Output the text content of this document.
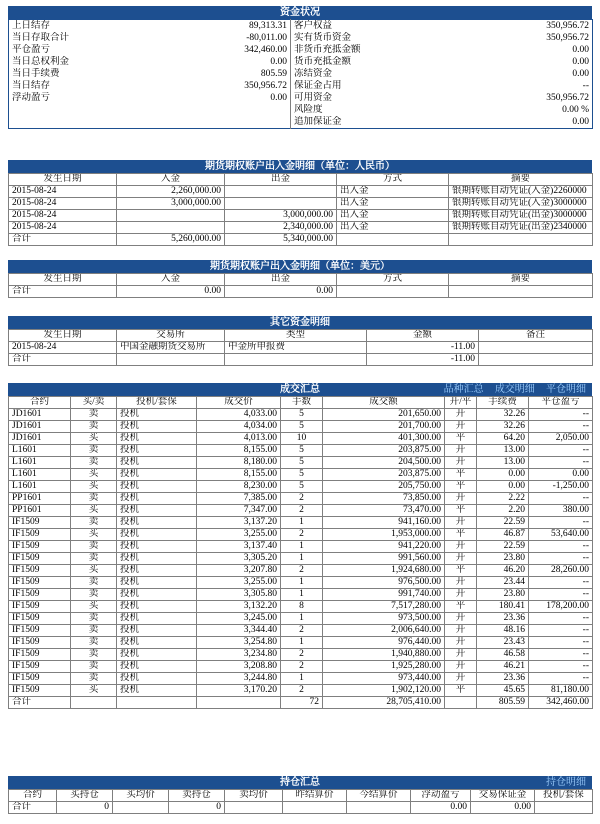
资金状况
上日结存	89,313.31	客户权益	350,956.72
当日存取合计	-80,011.00	实有货币资金	350,956.72
平仓盈亏	342,460.00	非货币充抵金额	0.00
当日总权利金	0.00	货币充抵金额	0.00
当日手续费	805.59	冻结资金	0.00
当日结存	350,956.72	保证金占用	--
浮动盈亏	0.00	可用资金	350,956.72
		风险度	0.00 %
		追加保证金	0.00
期货期权账户出入金明细（单位：人民币）
发生日期	入金	出金	方式	摘要
2015-08-24	2,260,000.00		出入金	银期转账自动凭证(入金)2260000
2015-08-24	3,000,000.00		出入金	银期转账自动凭证(入金)3000000
2015-08-24		3,000,000.00	出入金	银期转账自动凭证(出金)3000000
2015-08-24		2,340,000.00	出入金	银期转账自动凭证(出金)2340000
合计	5,260,000.00	5,340,000.00		
期货期权账户出入金明细（单位：美元）
发生日期	入金	出金	方式	摘要
合计	0.00	0.00		
其它资金明细
发生日期	交易所	类型	金额	备注
2015-08-24	中国金融期货交易所	中金所申报费	-11.00	
合计			-11.00	
成交汇总	品种汇总 成交明细 平仓明细
合约	买/卖	投机/套保	成交价	手数	成交额	开/平	手续费	平仓盈亏
JD1601	卖	投机	4,033.00	5	201,650.00	开	32.26	--
JD1601	卖	投机	4,034.00	5	201,700.00	开	32.26	--
JD1601	买	投机	4,013.00	10	401,300.00	平	64.20	2,050.00
L1601	卖	投机	8,155.00	5	203,875.00	开	13.00	--
L1601	卖	投机	8,180.00	5	204,500.00	开	13.00	--
L1601	买	投机	8,155.00	5	203,875.00	平	0.00	0.00
L1601	买	投机	8,230.00	5	205,750.00	平	0.00	-1,250.00
PP1601	卖	投机	7,385.00	2	73,850.00	开	2.22	--
PP1601	买	投机	7,347.00	2	73,470.00	平	2.20	380.00
IF1509	卖	投机	3,137.20	1	941,160.00	开	22.59	--
IF1509	买	投机	3,255.00	2	1,953,000.00	平	46.87	53,640.00
IF1509	卖	投机	3,137.40	1	941,220.00	开	22.59	--
IF1509	卖	投机	3,305.20	1	991,560.00	开	23.80	--
IF1509	买	投机	3,207.80	2	1,924,680.00	平	46.20	28,260.00
IF1509	卖	投机	3,255.00	1	976,500.00	开	23.44	--
IF1509	卖	投机	3,305.80	1	991,740.00	开	23.80	--
IF1509	买	投机	3,132.20	8	7,517,280.00	平	180.41	178,200.00
IF1509	卖	投机	3,245.00	1	973,500.00	开	23.36	--
IF1509	卖	投机	3,344.40	2	2,006,640.00	开	48.16	--
IF1509	卖	投机	3,254.80	1	976,440.00	开	23.43	--
IF1509	卖	投机	3,234.80	2	1,940,880.00	开	46.58	--
IF1509	卖	投机	3,208.80	2	1,925,280.00	开	46.21	--
IF1509	卖	投机	3,244.80	1	973,440.00	开	23.36	--
IF1509	买	投机	3,170.20	2	1,902,120.00	平	45.65	81,180.00
合计				72	28,705,410.00		805.59	342,460.00
持仓汇总	持仓明细
合约	买持仓	买均价	卖持仓	卖均价	昨结算价	今结算价	浮动盈亏	交易保证金	投机/套保
合计	0		0				0.00	0.00	
